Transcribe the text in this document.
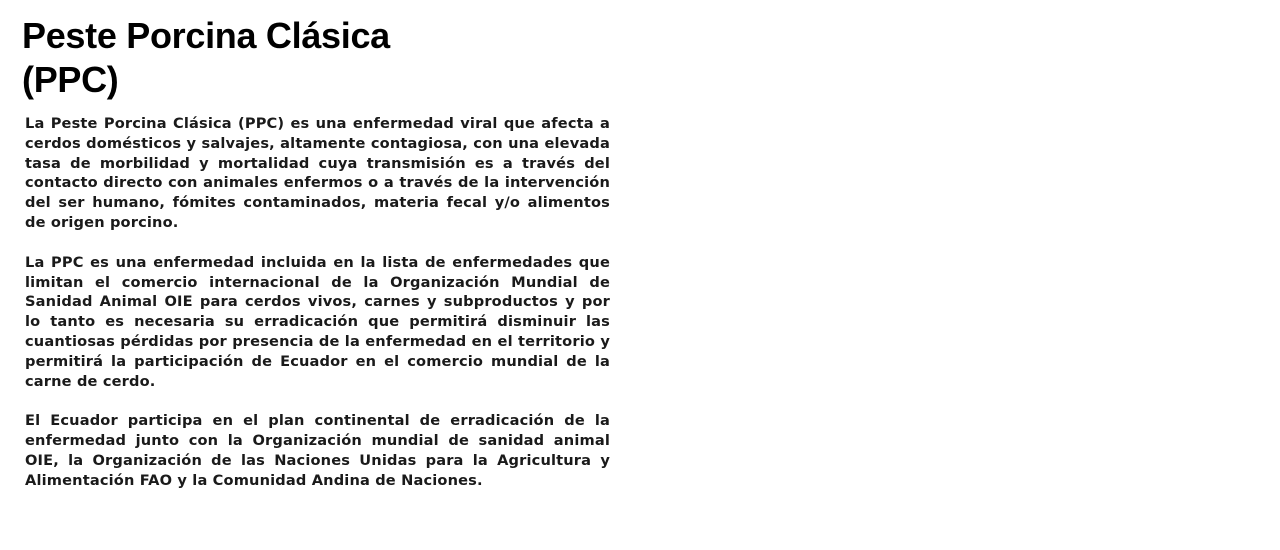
Peste Porcina Clásica (PPC)

La Peste Porcina Clásica (PPC) es una enfermedad viral que afecta a cerdos domésticos y salvajes, altamente contagiosa, con una elevada tasa de morbilidad y mortalidad cuya transmisión es a través del contacto directo con animales enfermos o a través de la intervención del ser humano, fómites contaminados, materia fecal y/o alimentos de origen porcino.

La PPC es una enfermedad incluida en la lista de enfermedades que limitan el comercio internacional de la Organización Mundial de Sanidad Animal OIE para cerdos vivos, carnes y subproductos y por lo tanto es necesaria su erradicación que permitirá disminuir las cuantiosas pérdidas por presencia de la enfermedad en el territorio y permitirá la participación de Ecuador en el comercio mundial de la carne de cerdo.

El Ecuador participa en el plan continental de erradicación de la enfermedad junto con la Organización mundial de sanidad animal OIE, la Organización de las Naciones Unidas para la Agricultura y Alimentación FAO y la Comunidad Andina de Naciones.
